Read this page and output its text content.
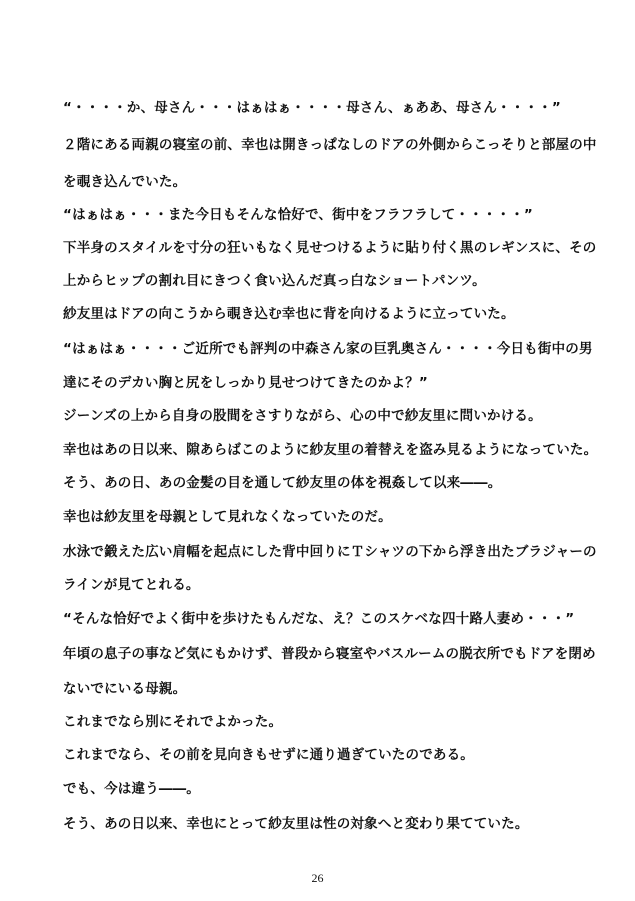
“・・・・か、母さん・・・はぁはぁ・・・・母さん、ぁああ、母さん・・・・”
２階にある両親の寝室の前、幸也は開きっぱなしのドアの外側からこっそりと部屋の中
を覗き込んでいた。
“はぁはぁ・・・また今日もそんな恰好で、街中をフラフラして・・・・・”
下半身のスタイルを寸分の狂いもなく見せつけるように貼り付く黒のレギンスに、その
上からヒップの割れ目にきつく食い込んだ真っ白なショートパンツ。
紗友里はドアの向こうから覗き込む幸也に背を向けるように立っていた。
“はぁはぁ・・・・ご近所でも評判の中森さん家の巨乳奥さん・・・・今日も街中の男
達にそのデカい胸と尻をしっかり見せつけてきたのかよ？”
ジーンズの上から自身の股間をさすりながら、心の中で紗友里に問いかける。
幸也はあの日以来、隙あらばこのように紗友里の着替えを盗み見るようになっていた。
そう、あの日、あの金髪の目を通して紗友里の体を視姦して以来――。
幸也は紗友里を母親として見れなくなっていたのだ。
水泳で鍛えた広い肩幅を起点にした背中回りにＴシャツの下から浮き出たブラジャーの
ラインが見てとれる。
“そんな恰好でよく街中を歩けたもんだな、え？このスケベな四十路人妻め・・・”
年頃の息子の事など気にもかけず、普段から寝室やバスルームの脱衣所でもドアを閉め
ないでにいる母親。
これまでなら別にそれでよかった。
これまでなら、その前を見向きもせずに通り過ぎていたのである。
でも、今は違う――。
そう、あの日以来、幸也にとって紗友里は性の対象へと変わり果てていた。
26
